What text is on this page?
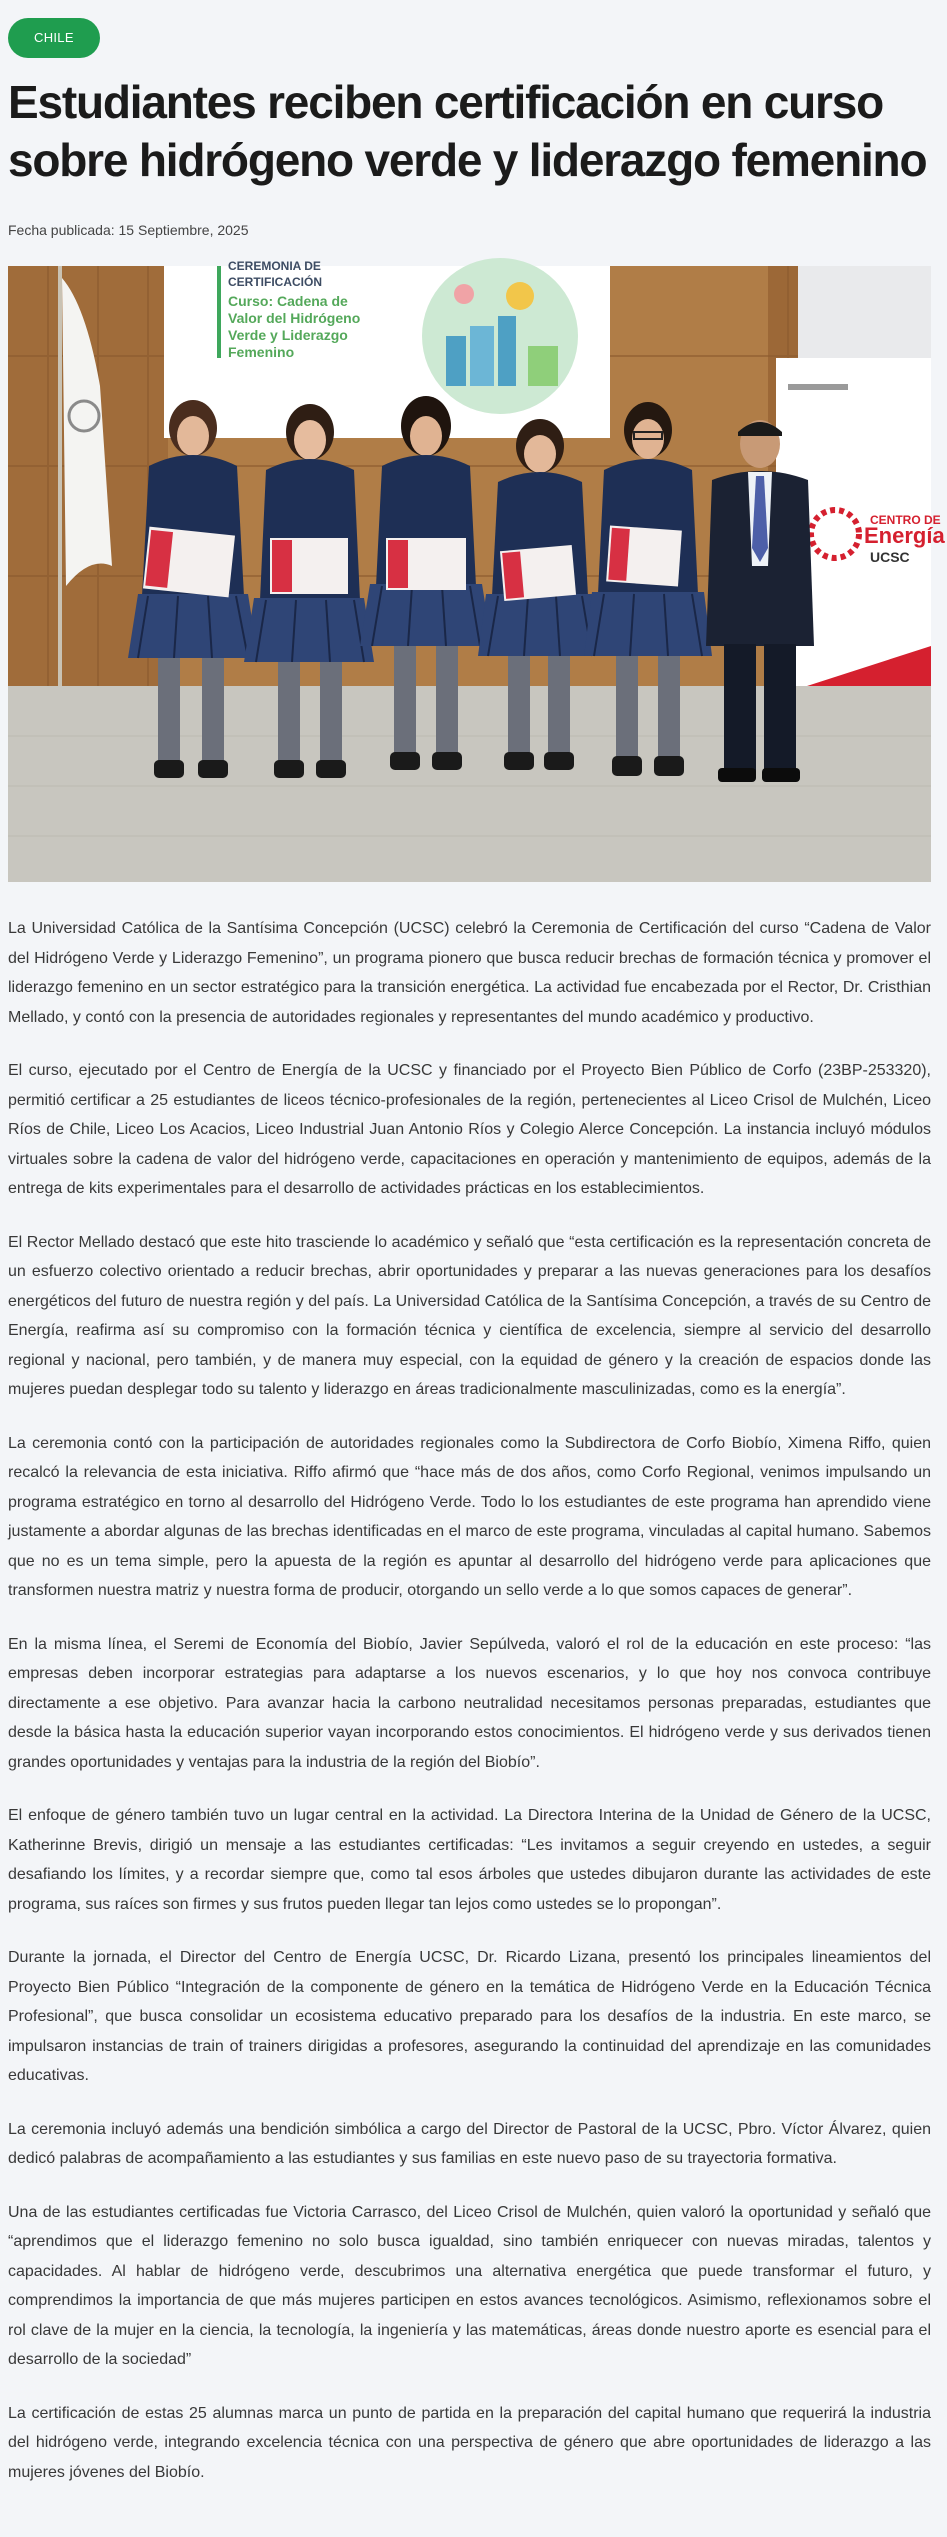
CHILE
Estudiantes reciben certificación en curso sobre hidrógeno verde y liderazgo femenino
Fecha publicada: 15 Septiembre, 2025
CEREMONIA DE
CERTIFICACIÓN
Curso: Cadena de
Valor del Hidrógeno
Verde y Liderazgo
Femenino
CENTRO DE
Energía
UCSC

La Universidad Católica de la Santísima Concepción (UCSC) celebró la Ceremonia de Certificación del curso “Cadena de Valor del Hidrógeno Verde y Liderazgo Femenino”, un programa pionero que busca reducir brechas de formación técnica y promover el liderazgo femenino en un sector estratégico para la transición energética. La actividad fue encabezada por el Rector, Dr. Cristhian Mellado, y contó con la presencia de autoridades regionales y representantes del mundo académico y productivo.

El curso, ejecutado por el Centro de Energía de la UCSC y financiado por el Proyecto Bien Público de Corfo (23BP-253320), permitió certificar a 25 estudiantes de liceos técnico-profesionales de la región, pertenecientes al Liceo Crisol de Mulchén, Liceo Ríos de Chile, Liceo Los Acacios, Liceo Industrial Juan Antonio Ríos y Colegio Alerce Concepción. La instancia incluyó módulos virtuales sobre la cadena de valor del hidrógeno verde, capacitaciones en operación y mantenimiento de equipos, además de la entrega de kits experimentales para el desarrollo de actividades prácticas en los establecimientos.

El Rector Mellado destacó que este hito trasciende lo académico y señaló que “esta certificación es la representación concreta de un esfuerzo colectivo orientado a reducir brechas, abrir oportunidades y preparar a las nuevas generaciones para los desafíos energéticos del futuro de nuestra región y del país. La Universidad Católica de la Santísima Concepción, a través de su Centro de Energía, reafirma así su compromiso con la formación técnica y científica de excelencia, siempre al servicio del desarrollo regional y nacional, pero también, y de manera muy especial, con la equidad de género y la creación de espacios donde las mujeres puedan desplegar todo su talento y liderazgo en áreas tradicionalmente masculinizadas, como es la energía”.

La ceremonia contó con la participación de autoridades regionales como la Subdirectora de Corfo Biobío, Ximena Riffo, quien recalcó la relevancia de esta iniciativa. Riffo afirmó que “hace más de dos años, como Corfo Regional, venimos impulsando un programa estratégico en torno al desarrollo del Hidrógeno Verde. Todo lo los estudiantes de este programa han aprendido viene justamente a abordar algunas de las brechas identificadas en el marco de este programa, vinculadas al capital humano. Sabemos que no es un tema simple, pero la apuesta de la región es apuntar al desarrollo del hidrógeno verde para aplicaciones que transformen nuestra matriz y nuestra forma de producir, otorgando un sello verde a lo que somos capaces de generar”.

En la misma línea, el Seremi de Economía del Biobío, Javier Sepúlveda, valoró el rol de la educación en este proceso: “las empresas deben incorporar estrategias para adaptarse a los nuevos escenarios, y lo que hoy nos convoca contribuye directamente a ese objetivo. Para avanzar hacia la carbono neutralidad necesitamos personas preparadas, estudiantes que desde la básica hasta la educación superior vayan incorporando estos conocimientos. El hidrógeno verde y sus derivados tienen grandes oportunidades y ventajas para la industria de la región del Biobío”.

El enfoque de género también tuvo un lugar central en la actividad. La Directora Interina de la Unidad de Género de la UCSC, Katherinne Brevis, dirigió un mensaje a las estudiantes certificadas: “Les invitamos a seguir creyendo en ustedes, a seguir desafiando los límites, y a recordar siempre que, como tal esos árboles que ustedes dibujaron durante las actividades de este programa, sus raíces son firmes y sus frutos pueden llegar tan lejos como ustedes se lo propongan”.

Durante la jornada, el Director del Centro de Energía UCSC, Dr. Ricardo Lizana, presentó los principales lineamientos del Proyecto Bien Público “Integración de la componente de género en la temática de Hidrógeno Verde en la Educación Técnica Profesional”, que busca consolidar un ecosistema educativo preparado para los desafíos de la industria. En este marco, se impulsaron instancias de train of trainers dirigidas a profesores, asegurando la continuidad del aprendizaje en las comunidades educativas.

La ceremonia incluyó además una bendición simbólica a cargo del Director de Pastoral de la UCSC, Pbro. Víctor Álvarez, quien dedicó palabras de acompañamiento a las estudiantes y sus familias en este nuevo paso de su trayectoria formativa.

Una de las estudiantes certificadas fue Victoria Carrasco, del Liceo Crisol de Mulchén, quien valoró la oportunidad y señaló que “aprendimos que el liderazgo femenino no solo busca igualdad, sino también enriquecer con nuevas miradas, talentos y capacidades. Al hablar de hidrógeno verde, descubrimos una alternativa energética que puede transformar el futuro, y comprendimos la importancia de que más mujeres participen en estos avances tecnológicos. Asimismo, reflexionamos sobre el rol clave de la mujer en la ciencia, la tecnología, la ingeniería y las matemáticas, áreas donde nuestro aporte es esencial para el desarrollo de la sociedad”

La certificación de estas 25 alumnas marca un punto de partida en la preparación del capital humano que requerirá la industria del hidrógeno verde, integrando excelencia técnica con una perspectiva de género que abre oportunidades de liderazgo a las mujeres jóvenes del Biobío.
